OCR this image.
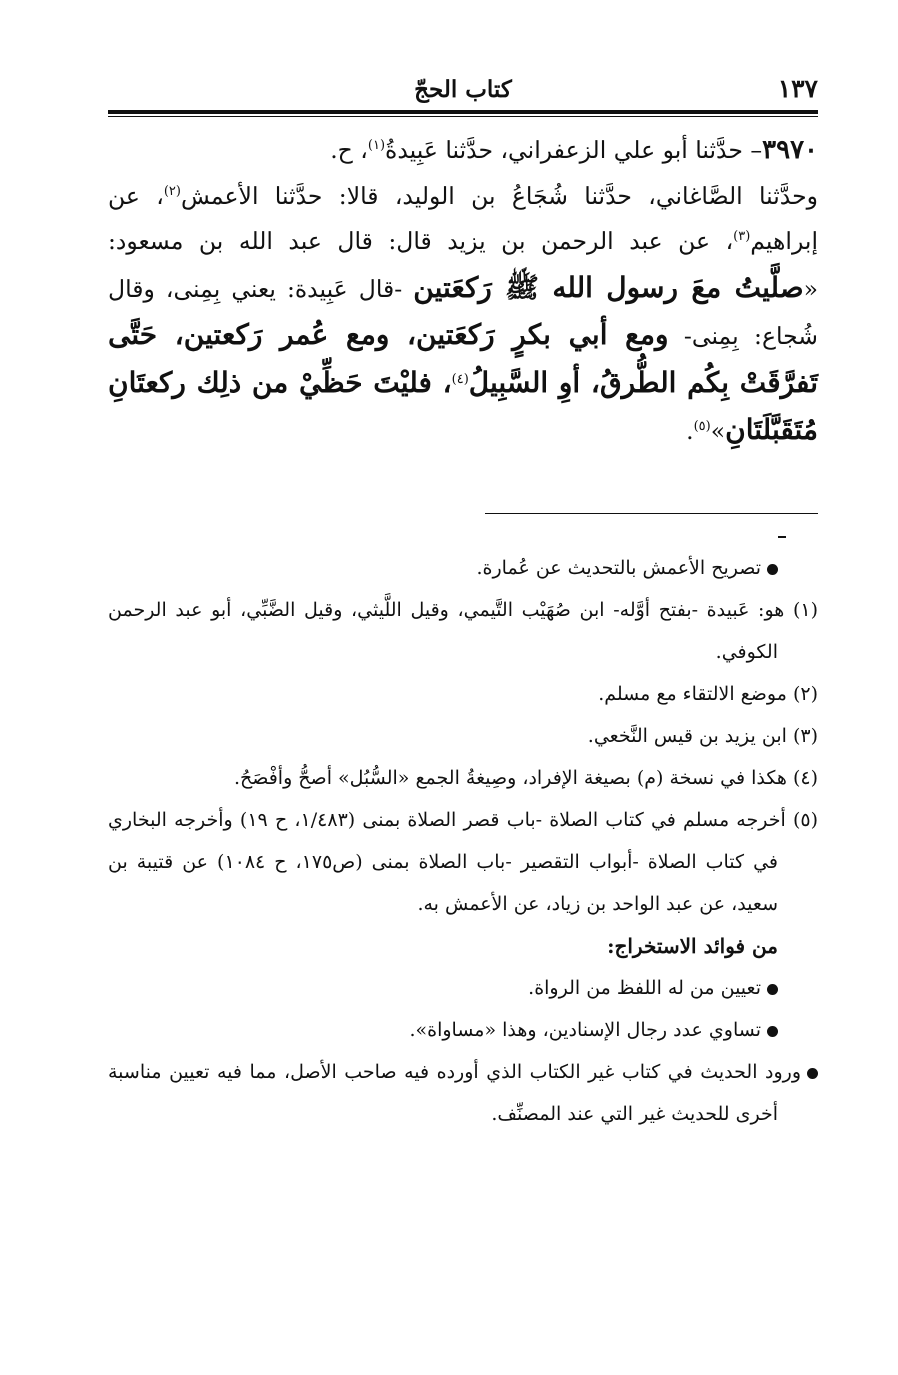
كتاب الحجّ	١٣٧

٣٩٧٠– حدَّثنا أبو علي الزعفراني، حدَّثنا عَبِيدةُ$^{(١)}$، ح.

وحدَّثنا الصَّاغاني، حدَّثنا شُجَاعُ بن الوليد، قالا: حدَّثنا الأعمش$^{(٢)}$، عن إبراهيم$^{(٣)}$، عن عبد الرحمن بن يزيد قال: قال عبد الله بن مسعود: «صلَّيتُ معَ رسول الله ﷺ رَكعَتين -قال عَبِيدة: يعني بِمِنى، وقال شُجاع: بِمِنى- ومع أبي بكرٍ رَكعَتين، ومع عُمر رَكعتين، حَتَّى تَفرَّقَتْ بِكُم الطُّرقُ، أوِ السَّبِيلُ$^{(٤)}$، فليْتَ حَظِّيْ من ذلِك ركعتَانِ مُتَقَبَّلَتَانِ»$^{(٥)}$.

تصريح الأعمش بالتحديث عن عُمارة.

(١) هو: عَبيدة -بفتح أوَّله- ابن صُهَيْب التَّيمي، وقيل اللَّيثي، وقيل الضَّبِّي، أبو عبد الرحمن الكوفي.

(٢) موضع الالتقاء مع مسلم.

(٣) ابن يزيد بن قيس النَّخعي.

(٤) هكذا في نسخة (م) بصيغة الإفراد، وصِيغةُ الجمع «السُّبُل» أصحُّ وأفْصَحُ.

(٥) أخرجه مسلم في كتاب الصلاة -باب قصر الصلاة بمنى (١/٤٨٣، ح ١٩) وأخرجه البخاري في كتاب الصلاة -أبواب التقصير -باب الصلاة بمنى (ص١٧٥، ح ١٠٨٤) عن قتيبة بن سعيد، عن عبد الواحد بن زياد، عن الأعمش به.

من فوائد الاستخراج:

تعيين من له اللفظ من الرواة.

تساوي عدد رجال الإسنادين، وهذا «مساواة».

ورود الحديث في كتاب غير الكتاب الذي أورده فيه صاحب الأصل، مما فيه تعيين مناسبة أخرى للحديث غير التي عند المصنِّف.
